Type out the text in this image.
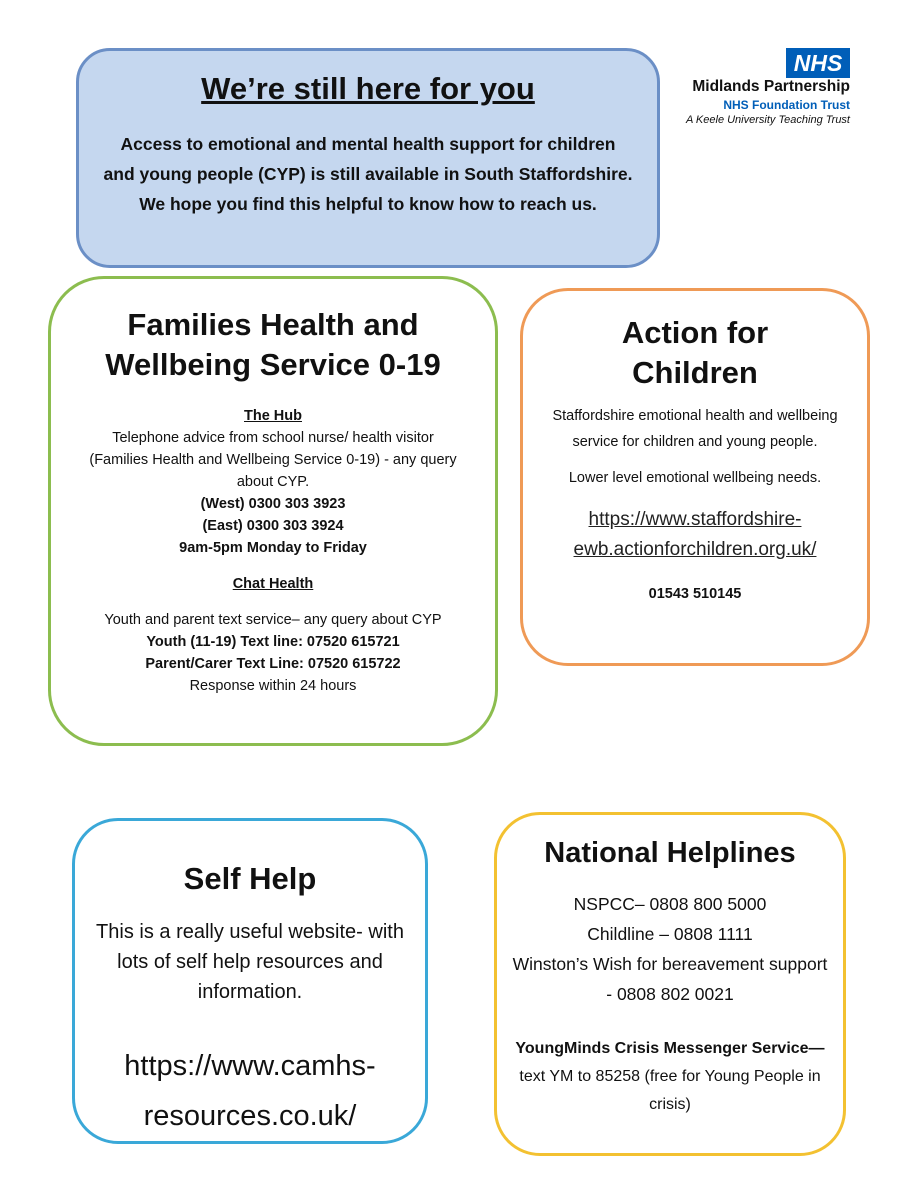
We’re still here for you
Access to emotional and mental health support for children and young people (CYP) is still available in South Staffordshire. We hope you find this helpful to know how to reach us.
NHS
Midlands Partnership
NHS Foundation Trust
A Keele University Teaching Trust
Families Health and
Wellbeing Service 0-19
The Hub
Telephone advice from school nurse/ health visitor (Families Health and Wellbeing Service 0-19) - any query about CYP.
(West) 0300 303 3923
(East) 0300 303 3924
9am-5pm Monday to Friday
Chat Health
Youth and parent text service– any query about CYP
Youth (11-19) Text line: 07520 615721
Parent/Carer Text Line: 07520 615722
Response within 24 hours
Action for
Children
Staffordshire emotional health and wellbeing service for children and young people.
Lower level emotional wellbeing needs.
https://www.staffordshire-
ewb.actionforchildren.org.uk/
01543 510145
Self Help
This is a really useful website- with lots of self help resources and information.
https://www.camhs-
resources.co.uk/
National Helplines
NSPCC– 0808 800 5000
Childline – 0808 1111
Winston’s Wish for bereavement support - 0808 802 0021
YoungMinds Crisis Messenger Service— text YM to 85258 (free for Young People in crisis)
